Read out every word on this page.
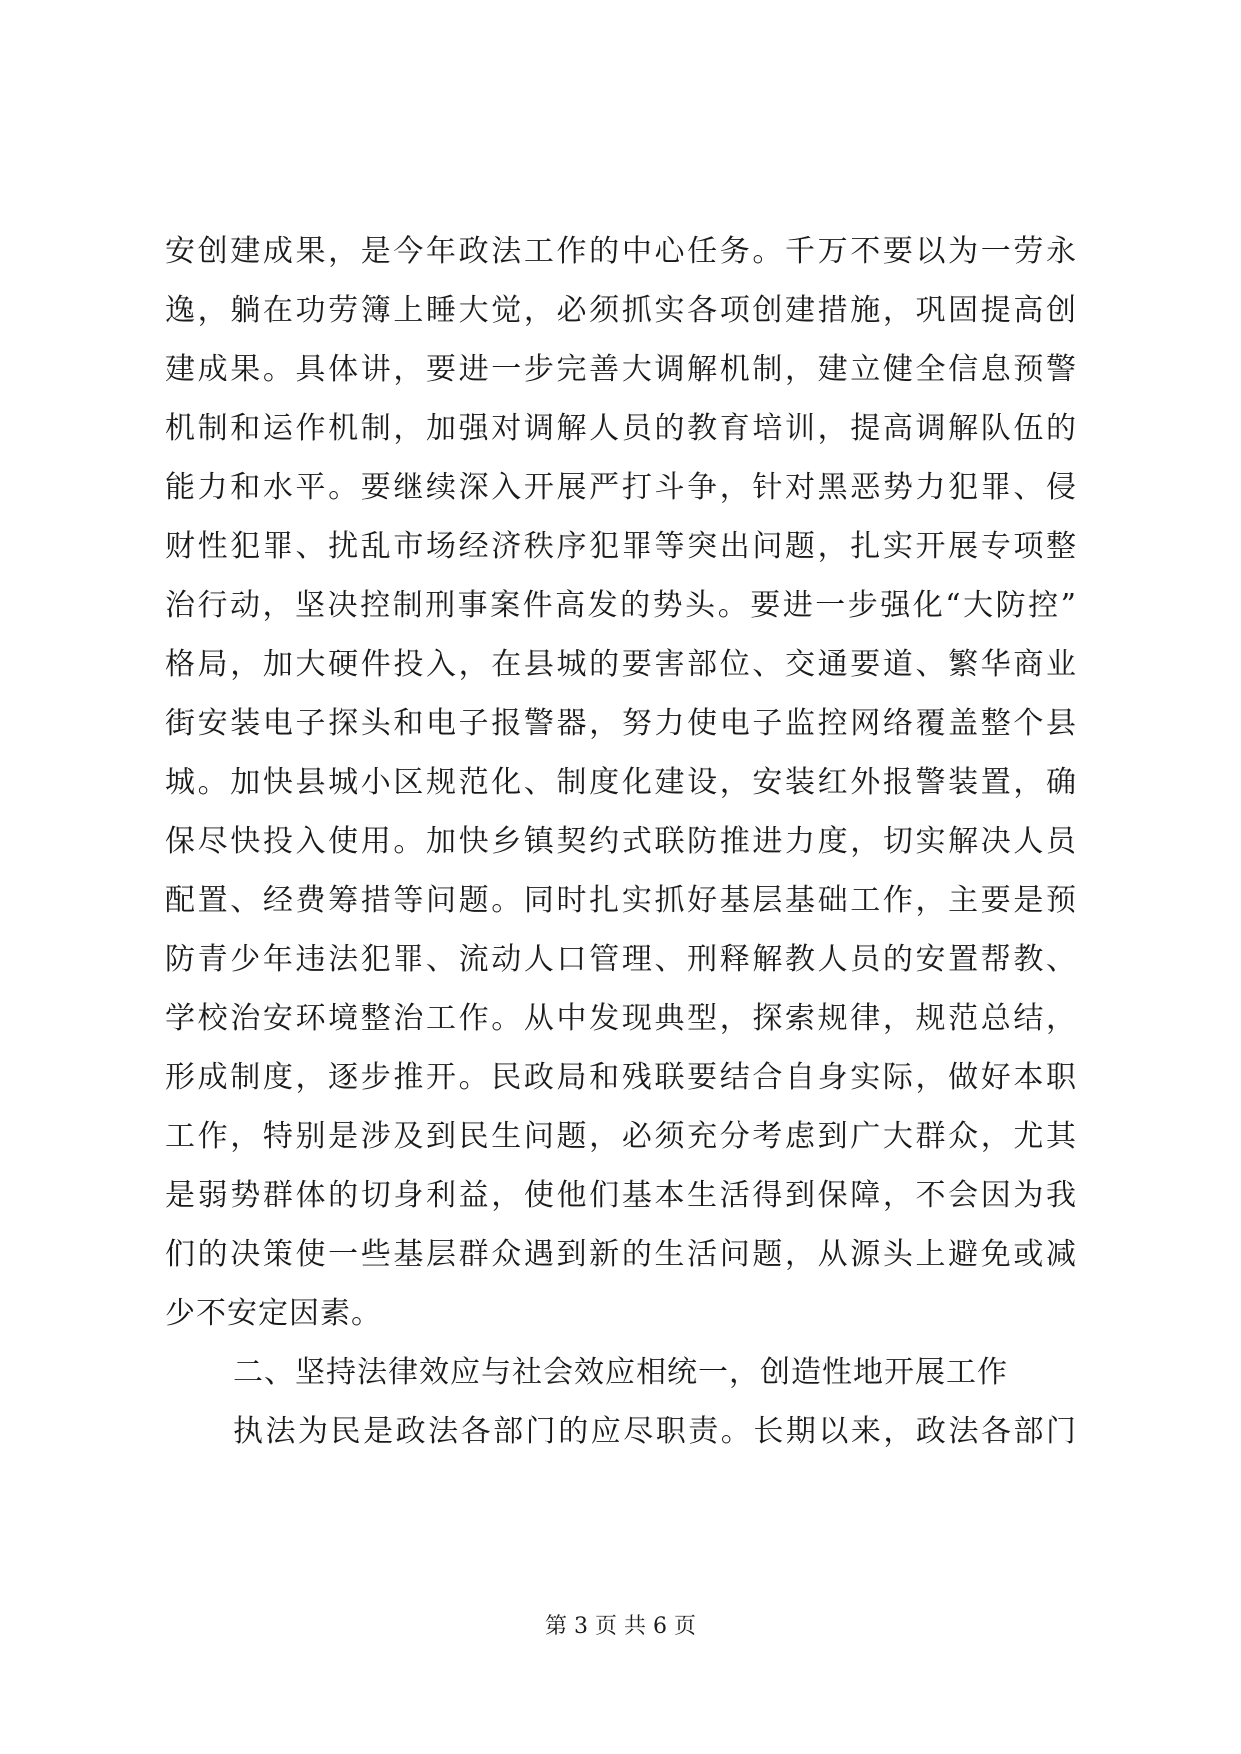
安创建成果，是今年政法工作的中心任务。千万不要以为一劳永
逸，躺在功劳簿上睡大觉，必须抓实各项创建措施，巩固提高创
建成果。具体讲，要进一步完善大调解机制，建立健全信息预警
机制和运作机制，加强对调解人员的教育培训，提高调解队伍的
能力和水平。要继续深入开展严打斗争，针对黑恶势力犯罪、侵
财性犯罪、扰乱市场经济秩序犯罪等突出问题，扎实开展专项整
治行动，坚决控制刑事案件高发的势头。要进一步强化“大防控”
格局，加大硬件投入，在县城的要害部位、交通要道、繁华商业
街安装电子探头和电子报警器，努力使电子监控网络覆盖整个县
城。加快县城小区规范化、制度化建设，安装红外报警装置，确
保尽快投入使用。加快乡镇契约式联防推进力度，切实解决人员
配置、经费筹措等问题。同时扎实抓好基层基础工作，主要是预
防青少年违法犯罪、流动人口管理、刑释解教人员的安置帮教、
学校治安环境整治工作。从中发现典型，探索规律，规范总结，
形成制度，逐步推开。民政局和残联要结合自身实际，做好本职
工作，特别是涉及到民生问题，必须充分考虑到广大群众，尤其
是弱势群体的切身利益，使他们基本生活得到保障，不会因为我
们的决策使一些基层群众遇到新的生活问题，从源头上避免或减
少不安定因素。
二、坚持法律效应与社会效应相统一，创造性地开展工作
执法为民是政法各部门的应尽职责。长期以来，政法各部门
第 3 页 共 6 页
